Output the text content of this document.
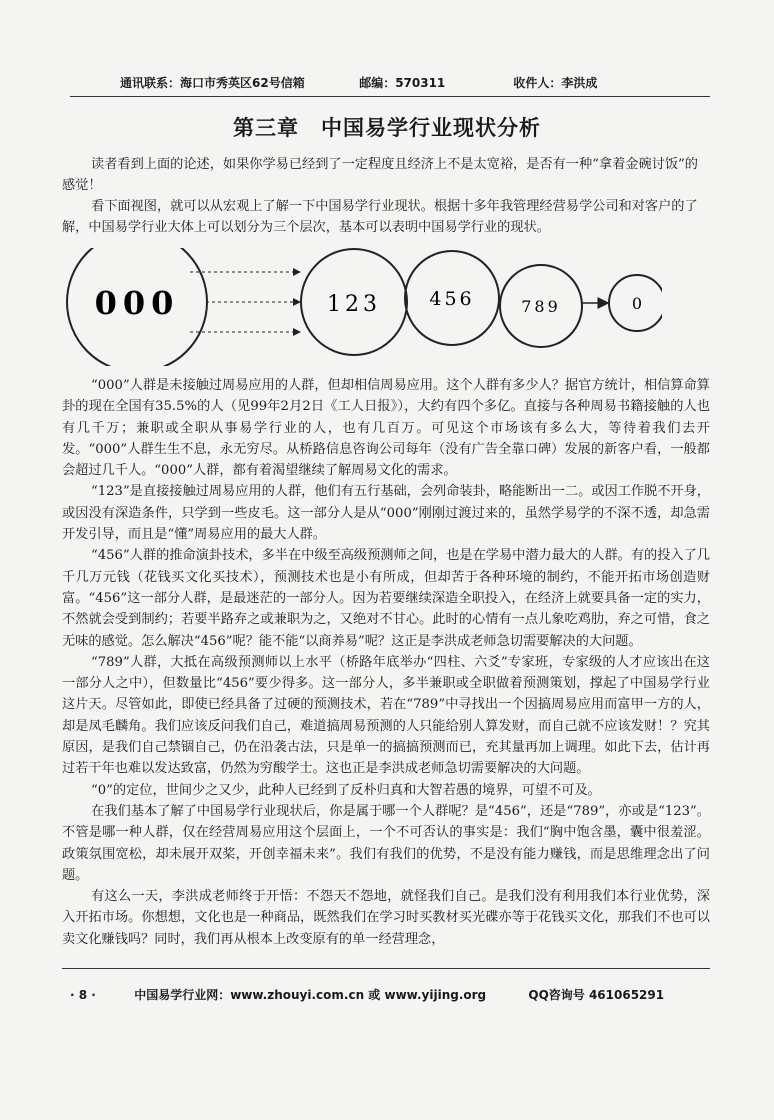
通讯联系：海口市秀英区62号信箱	邮编：570311	收件人：李洪成
第三章　中国易学行业现状分析

读者看到上面的论述，如果你学易已经到了一定程度且经济上不是太宽裕，是否有一种“拿着金碗讨饭”的感觉！

看下面视图，就可以从宏观上了解一下中国易学行业现状。根据十多年我管理经营易学公司和对客户的了解，中国易学行业大体上可以划分为三个层次，基本可以表明中国易学行业的现状。

000	123	456	789	0

“000”人群是未接触过周易应用的人群，但却相信周易应用。这个人群有多少人？据官方统计，相信算命算卦的现在全国有35.5%的人（见99年2月2日《工人日报》），大约有四个多亿。直接与各种周易书籍接触的人也有几千万；兼职或全职从事易学行业的人，也有几百万。可见这个市场该有多么大，等待着我们去开发。“000”人群生生不息，永无穷尽。从桥路信息咨询公司每年（没有广告全靠口碑）发展的新客户看，一般都会超过几千人。“000”人群，都有着渴望继续了解周易文化的需求。

“123”是直接接触过周易应用的人群，他们有五行基础，会列命装卦，略能断出一二。或因工作脱不开身，或因没有深造条件，只学到一些皮毛。这一部分人是从“000”刚刚过渡过来的，虽然学易学的不深不透，却急需开发引导，而且是“懂”周易应用的最大人群。

“456”人群的推命演卦技术，多半在中级至高级预测师之间，也是在学易中潜力最大的人群。有的投入了几千几万元钱（花钱买文化买技术），预测技术也是小有所成，但却苦于各种环境的制约，不能开拓市场创造财富。“456”这一部分人群，是最迷茫的一部分人。因为若要继续深造全职投入，在经济上就要具备一定的实力，不然就会受到制约；若要半路弃之或兼职为之，又绝对不甘心。此时的心情有一点儿象吃鸡肋，弃之可惜，食之无味的感觉。怎么解决“456”呢？能不能“以商养易”呢？这正是李洪成老师急切需要解决的大问题。

“789”人群，大抵在高级预测师以上水平（桥路年底举办“四柱、六爻”专家班，专家级的人才应该出在这一部分人之中），但数量比“456”要少得多。这一部分人，多半兼职或全职做着预测策划，撑起了中国易学行业这片天。尽管如此，即使已经具备了过硬的预测技术，若在“789”中寻找出一个因搞周易应用而富甲一方的人，却是凤毛麟角。我们应该反问我们自己，难道搞周易预测的人只能给别人算发财，而自己就不应该发财！？究其原因，是我们自己禁锢自己，仍在沿袭古法，只是单一的搞搞预测而已，充其量再加上调理。如此下去，估计再过若干年也难以发达致富，仍然为穷酸学士。这也正是李洪成老师急切需要解决的大问题。

“0”的定位，世间少之又少，此种人已经到了反朴归真和大智若愚的境界，可望不可及。

在我们基本了解了中国易学行业现状后，你是属于哪一个人群呢？是“456”，还是“789”，亦或是“123”。不管是哪一种人群，仅在经营周易应用这个层面上，一个不可否认的事实是：我们“胸中饱含墨，囊中很羞涩。政策氛围宽松，却未展开双桨，开创幸福未来”。我们有我们的优势，不是没有能力赚钱，而是思维理念出了问题。

有这么一天，李洪成老师终于开悟：不怨天不怨地，就怪我们自己。是我们没有利用我们本行业优势，深入开拓市场。你想想，文化也是一种商品，既然我们在学习时买教材买光碟亦等于花钱买文化，那我们不也可以卖文化赚钱吗？同时，我们再从根本上改变原有的单一经营理念，

· 8 ·	中国易学行业网：www.zhouyi.com.cn 或 www.yijing.org	QQ咨询号 461065291
